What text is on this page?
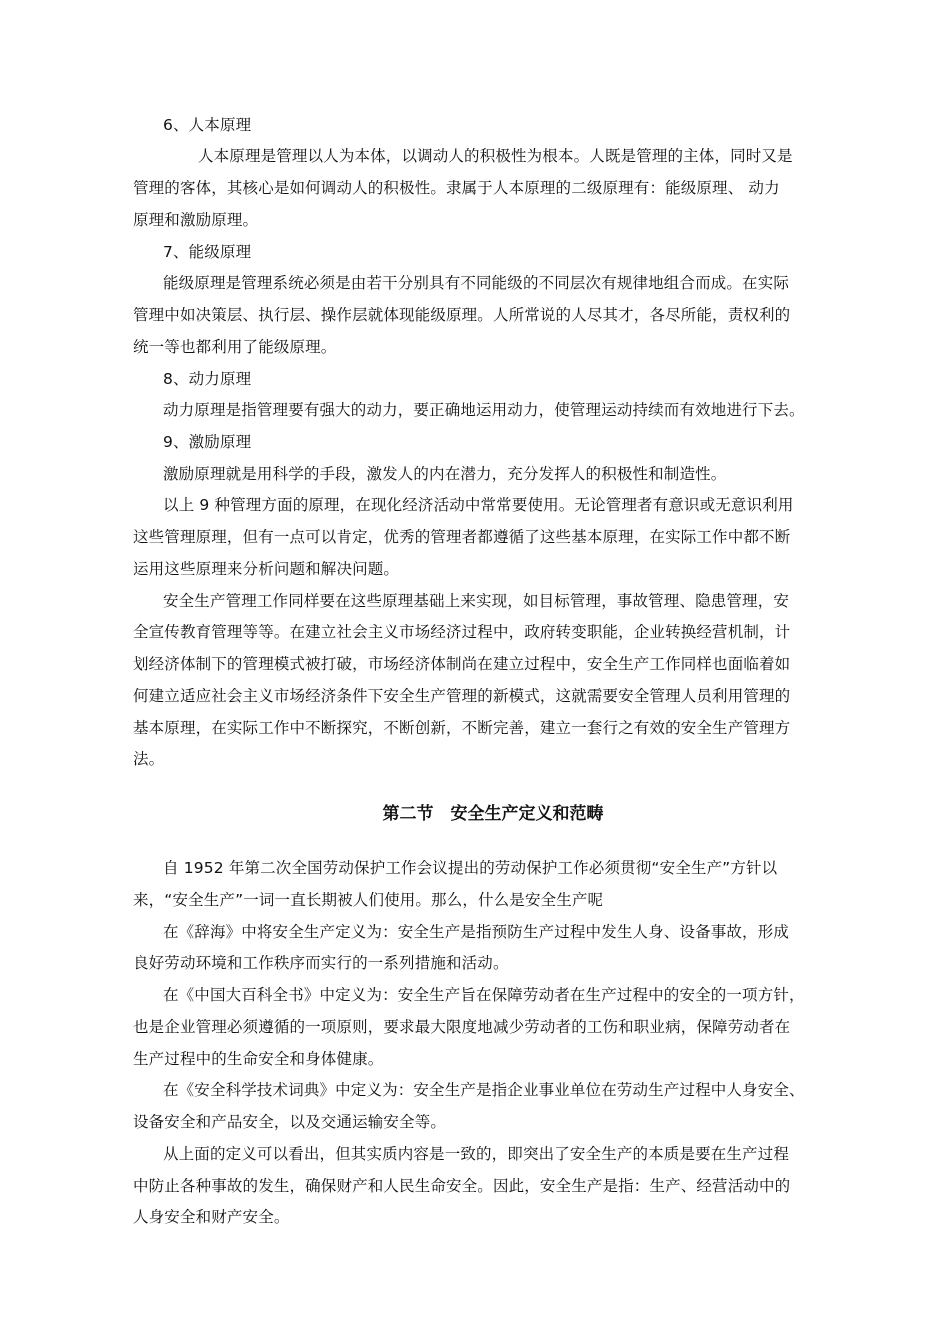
6、人本原理
人本原理是管理以人为本体，以调动人的积极性为根本。人既是管理的主体，同时又是
管理的客体，其核心是如何调动人的积极性。隶属于人本原理的二级原理有：能级原理、 动力
原理和激励原理。
7、能级原理
能级原理是管理系统必须是由若干分别具有不同能级的不同层次有规律地组合而成。在实际
管理中如决策层、执行层、操作层就体现能级原理。人所常说的人尽其才，各尽所能，责权利的
统一等也都利用了能级原理。
8、动力原理
动力原理是指管理要有强大的动力，要正确地运用动力，使管理运动持续而有效地进行下去。
9、激励原理
激励原理就是用科学的手段，激发人的内在潜力，充分发挥人的积极性和制造性。
以上 9 种管理方面的原理，在现化经济活动中常常要使用。无论管理者有意识或无意识利用
这些管理原理，但有一点可以肯定，优秀的管理者都遵循了这些基本原理，在实际工作中都不断
运用这些原理来分析问题和解决问题。
安全生产管理工作同样要在这些原理基础上来实现，如目标管理，事故管理、隐患管理，安
全宣传教育管理等等。在建立社会主义市场经济过程中，政府转变职能，企业转换经营机制，计
划经济体制下的管理模式被打破，市场经济体制尚在建立过程中，安全生产工作同样也面临着如
何建立适应社会主义市场经济条件下安全生产管理的新模式，这就需要安全管理人员利用管理的
基本原理，在实际工作中不断探究，不断创新，不断完善，建立一套行之有效的安全生产管理方
法。
第二节　安全生产定义和范畴
自 1952 年第二次全国劳动保护工作会议提出的劳动保护工作必须贯彻“安全生产”方针以
来，“安全生产”一词一直长期被人们使用。那么，什么是安全生产呢
在《辞海》中将安全生产定义为：安全生产是指预防生产过程中发生人身、设备事故，形成
良好劳动环境和工作秩序而实行的一系列措施和活动。
在《中国大百科全书》中定义为：安全生产旨在保障劳动者在生产过程中的安全的一项方针，
也是企业管理必须遵循的一项原则，要求最大限度地减少劳动者的工伤和职业病，保障劳动者在
生产过程中的生命安全和身体健康。
在《安全科学技术词典》中定义为：安全生产是指企业事业单位在劳动生产过程中人身安全、
设备安全和产品安全，以及交通运输安全等。
从上面的定义可以看出，但其实质内容是一致的，即突出了安全生产的本质是要在生产过程
中防止各种事故的发生，确保财产和人民生命安全。因此，安全生产是指：生产、经营活动中的
人身安全和财产安全。
